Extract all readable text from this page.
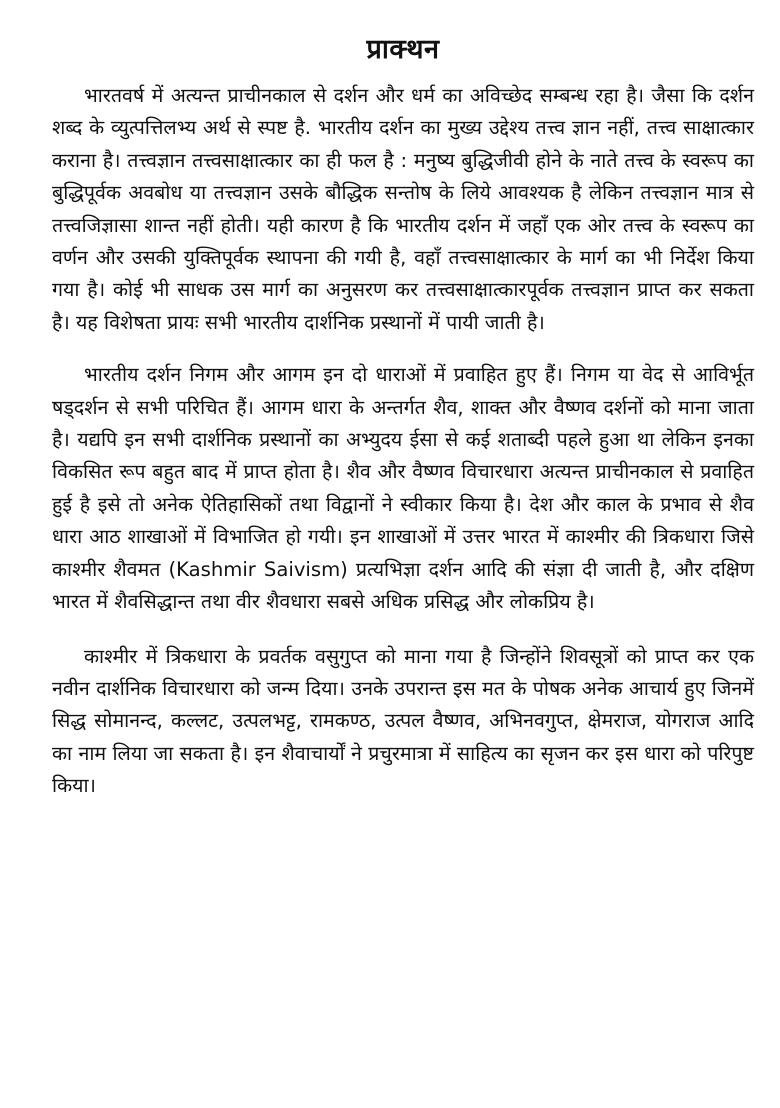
प्राक्थन

भारतवर्ष में अत्यन्त प्राचीनकाल से दर्शन और धर्म का अविच्छेद सम्बन्ध रहा है। जैसा कि दर्शन शब्द के व्युत्पत्तिलभ्य अर्थ से स्पष्ट है. भारतीय दर्शन का मुख्य उद्देश्य तत्त्व ज्ञान नहीं, तत्त्व साक्षात्कार कराना है। तत्त्वज्ञान तत्त्वसाक्षात्कार का ही फल है : मनुष्य बुद्धिजीवी होने के नाते तत्त्व के स्वरूप का बुद्धिपूर्वक अवबोध या तत्त्वज्ञान उसके बौद्धिक सन्तोष के लिये आवश्यक है लेकिन तत्त्वज्ञान मात्र से तत्त्वजिज्ञासा शान्त नहीं होती। यही कारण है कि भारतीय दर्शन में जहाँ एक ओर तत्त्व के स्वरूप का वर्णन और उसकी युक्तिपूर्वक स्थापना की गयी है, वहाँ तत्त्वसाक्षात्कार के मार्ग का भी निर्देश किया गया है। कोई भी साधक उस मार्ग का अनुसरण कर तत्त्वसाक्षात्कारपूर्वक तत्त्वज्ञान प्राप्त कर सकता है। यह विशेषता प्रायः सभी भारतीय दार्शनिक प्रस्थानों में पायी जाती है।

भारतीय दर्शन निगम और आगम इन दो धाराओं में प्रवाहित हुए हैं। निगम या वेद से आविर्भूत षड्दर्शन से सभी परिचित हैं। आगम धारा के अन्तर्गत शैव, शाक्त और वैष्णव दर्शनों को माना जाता है। यद्यपि इन सभी दार्शनिक प्रस्थानों का अभ्युदय ईसा से कई शताब्दी पहले हुआ था लेकिन इनका विकसित रूप बहुत बाद में प्राप्त होता है। शैव और वैष्णव विचारधारा अत्यन्त प्राचीनकाल से प्रवाहित हुई है इसे तो अनेक ऐतिहासिकों तथा विद्वानों ने स्वीकार किया है। देश और काल के प्रभाव से शैव धारा आठ शाखाओं में विभाजित हो गयी। इन शाखाओं में उत्तर भारत में काश्मीर की त्रिकधारा जिसे काश्मीर शैवमत (Kashmir Saivism) प्रत्यभिज्ञा दर्शन आदि की संज्ञा दी जाती है, और दक्षिण भारत में शैवसिद्धान्त तथा वीर शैवधारा सबसे अधिक प्रसिद्ध और लोकप्रिय है।

काश्मीर में त्रिकधारा के प्रवर्तक वसुगुप्त को माना गया है जिन्होंने शिवसूत्रों को प्राप्त कर एक नवीन दार्शनिक विचारधारा को जन्म दिया। उनके उपरान्त इस मत के पोषक अनेक आचार्य हुए जिनमें सिद्ध सोमानन्द, कल्लट, उत्पलभट्ट, रामकण्ठ, उत्पल वैष्णव, अभिनवगुप्त, क्षेमराज, योगराज आदि का नाम लिया जा सकता है। इन शैवाचार्यों ने प्रचुरमात्रा में साहित्य का सृजन कर इस धारा को परिपुष्ट किया।
